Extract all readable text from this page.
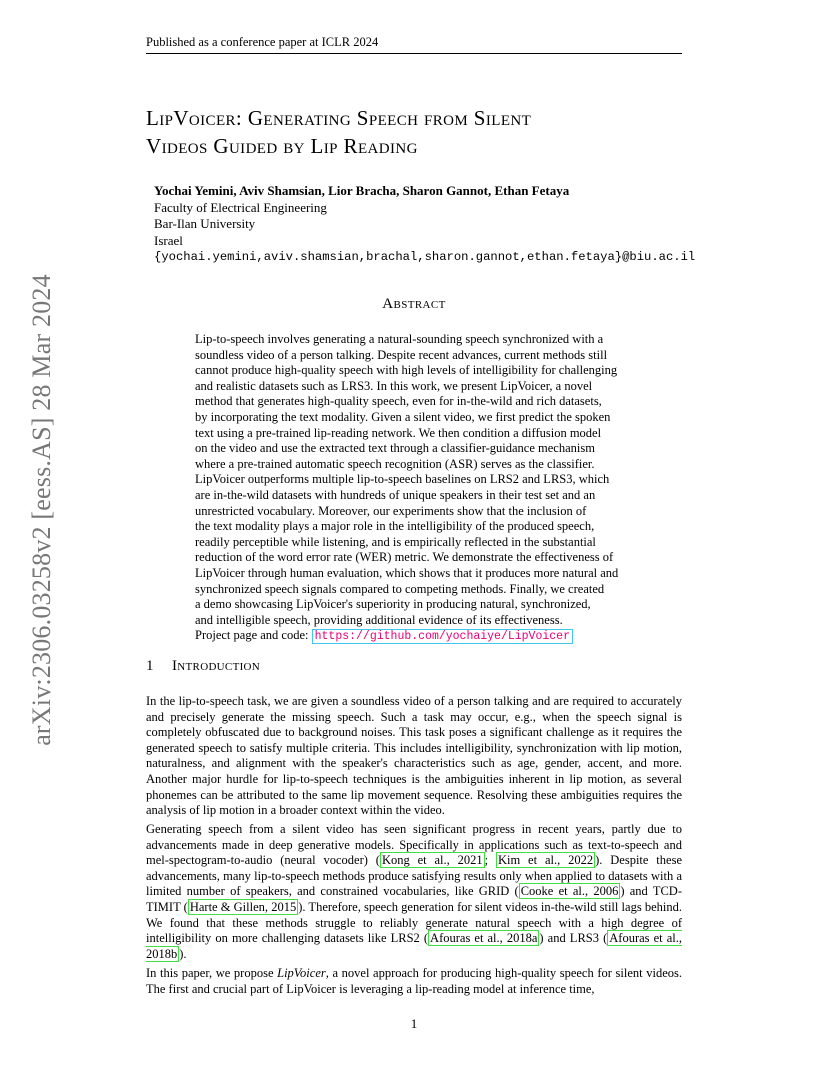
Published as a conference paper at ICLR 2024
arXiv:2306.03258v2 [eess.AS] 28 Mar 2024
LipVoicer: Generating Speech from Silent
Videos Guided by Lip Reading
Yochai Yemini, Aviv Shamsian, Lior Bracha, Sharon Gannot, Ethan Fetaya
Faculty of Electrical Engineering
Bar-Ilan University
Israel
{yochai.yemini,aviv.shamsian,brachal,sharon.gannot,ethan.fetaya}@biu.ac.il
Abstract
Lip-to-speech involves generating a natural-sounding speech synchronized with a
soundless video of a person talking. Despite recent advances, current methods still
cannot produce high-quality speech with high levels of intelligibility for challenging
and realistic datasets such as LRS3. In this work, we present LipVoicer, a novel
method that generates high-quality speech, even for in-the-wild and rich datasets,
by incorporating the text modality. Given a silent video, we first predict the spoken
text using a pre-trained lip-reading network. We then condition a diffusion model
on the video and use the extracted text through a classifier-guidance mechanism
where a pre-trained automatic speech recognition (ASR) serves as the classifier.
LipVoicer outperforms multiple lip-to-speech baselines on LRS2 and LRS3, which
are in-the-wild datasets with hundreds of unique speakers in their test set and an
unrestricted vocabulary. Moreover, our experiments show that the inclusion of
the text modality plays a major role in the intelligibility of the produced speech,
readily perceptible while listening, and is empirically reflected in the substantial
reduction of the word error rate (WER) metric. We demonstrate the effectiveness of
LipVoicer through human evaluation, which shows that it produces more natural and
synchronized speech signals compared to competing methods. Finally, we created
a demo showcasing LipVoicer's superiority in producing natural, synchronized,
and intelligible speech, providing additional evidence of its effectiveness.
Project page and code: https://github.com/yochaiye/LipVoicer
1 Introduction

In the lip-to-speech task, we are given a soundless video of a person talking and are required to accurately and precisely generate the missing speech. Such a task may occur, e.g., when the speech signal is completely obfuscated due to background noises. This task poses a significant challenge as it requires the generated speech to satisfy multiple criteria. This includes intelligibility, synchronization with lip motion, naturalness, and alignment with the speaker's characteristics such as age, gender, accent, and more. Another major hurdle for lip-to-speech techniques is the ambiguities inherent in lip motion, as several phonemes can be attributed to the same lip movement sequence. Resolving these ambiguities requires the analysis of lip motion in a broader context within the video.

Generating speech from a silent video has seen significant progress in recent years, partly due to advancements made in deep generative models. Specifically in applications such as text-to-speech and mel-spectogram-to-audio (neural vocoder) ( Kong et al., 2021 ; Kim et al., 2022 ). Despite these advancements, many lip-to-speech methods produce satisfying results only when applied to datasets with a limited number of speakers, and constrained vocabularies, like GRID ( Cooke et al., 2006 ) and TCD-TIMIT ( Harte & Gillen, 2015 ). Therefore, speech generation for silent videos in-the-wild still lags behind. We found that these methods struggle to reliably generate natural speech with a high degree of intelligibility on more challenging datasets like LRS2 ( Afouras et al., 2018a ) and LRS3 ( Afouras et al., 2018b ).

In this paper, we propose LipVoicer, a novel approach for producing high-quality speech for silent videos. The first and crucial part of LipVoicer is leveraging a lip-reading model at inference time,

1
